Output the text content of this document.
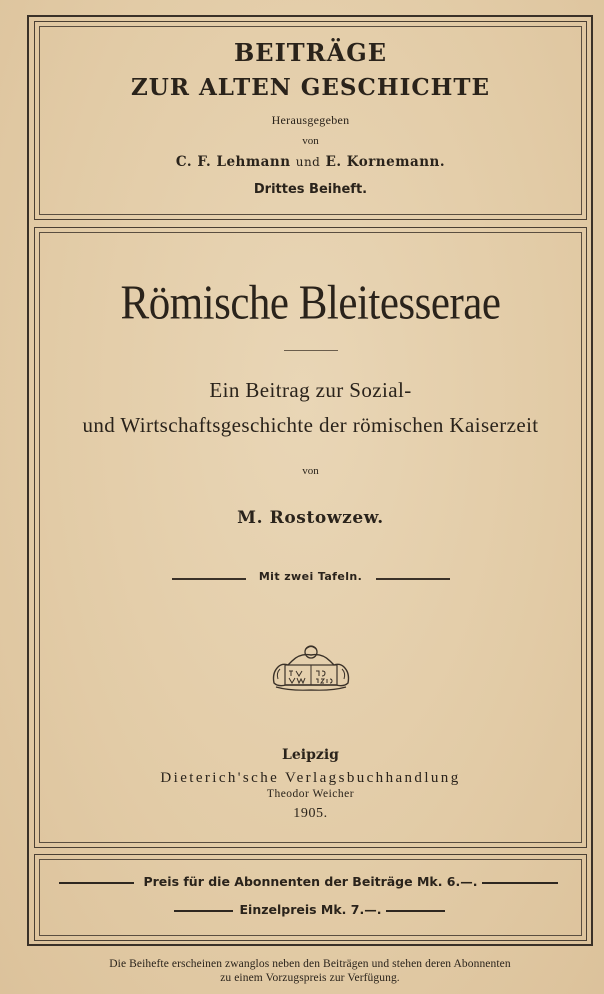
BEITRÄGE

ZUR ALTEN GESCHICHTE

Herausgegeben

von

C. F. Lehmann und E. Kornemann.

Drittes Beiheft.

Römische Bleitesserae

Ein Beitrag zur Sozial-

und Wirtschaftsgeschichte der römischen Kaiserzeit

von

M. Rostowzew.

Mit zwei Tafeln.

Leipzig

Dieterich'sche Verlagsbuchhandlung

Theodor Weicher

1905.

Preis für die Abonnenten der Beiträge Mk. 6.—.
Einzelpreis Mk. 7.—.

Die Beihefte erscheinen zwanglos neben den Beiträgen und stehen deren Abonnenten

zu einem Vorzugspreis zur Verfügung.
